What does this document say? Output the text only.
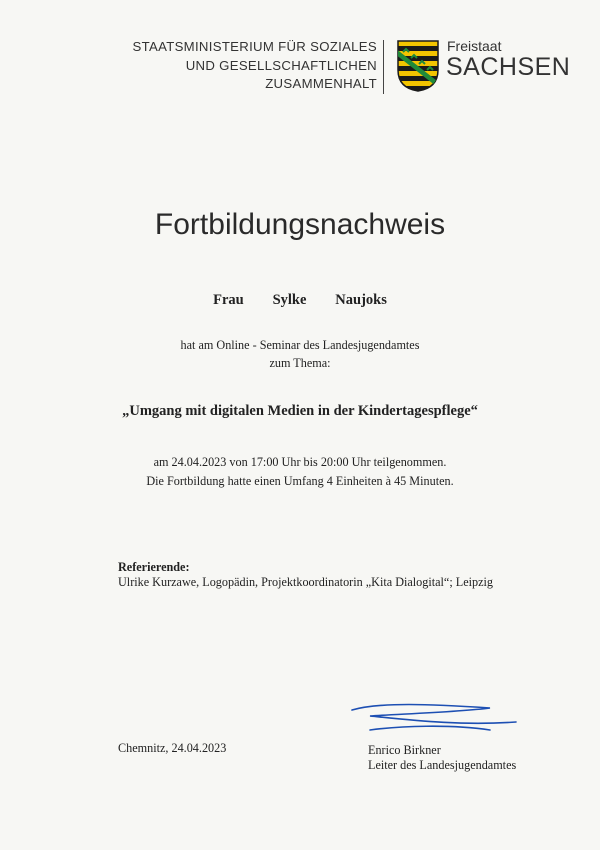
STAATSMINISTERIUM FÜR SOZIALES
UND GESELLSCHAFTLICHEN
ZUSAMMENHALT
Freistaat
SACHSEN
Fortbildungsnachweis
Frau   Sylke   Naujoks
hat am Online - Seminar des Landesjugendamtes
zum Thema:
„Umgang mit digitalen Medien in der Kindertagespflege“
am 24.04.2023 von 17:00 Uhr bis 20:00 Uhr teilgenommen.
Die Fortbildung hatte einen Umfang 4 Einheiten à 45 Minuten.
Referierende:
Ulrike Kurzawe, Logopädin, Projektkoordinatorin „Kita Dialogital“; Leipzig
Chemnitz, 24.04.2023	Enrico Birkner
Leiter des Landesjugendamtes
